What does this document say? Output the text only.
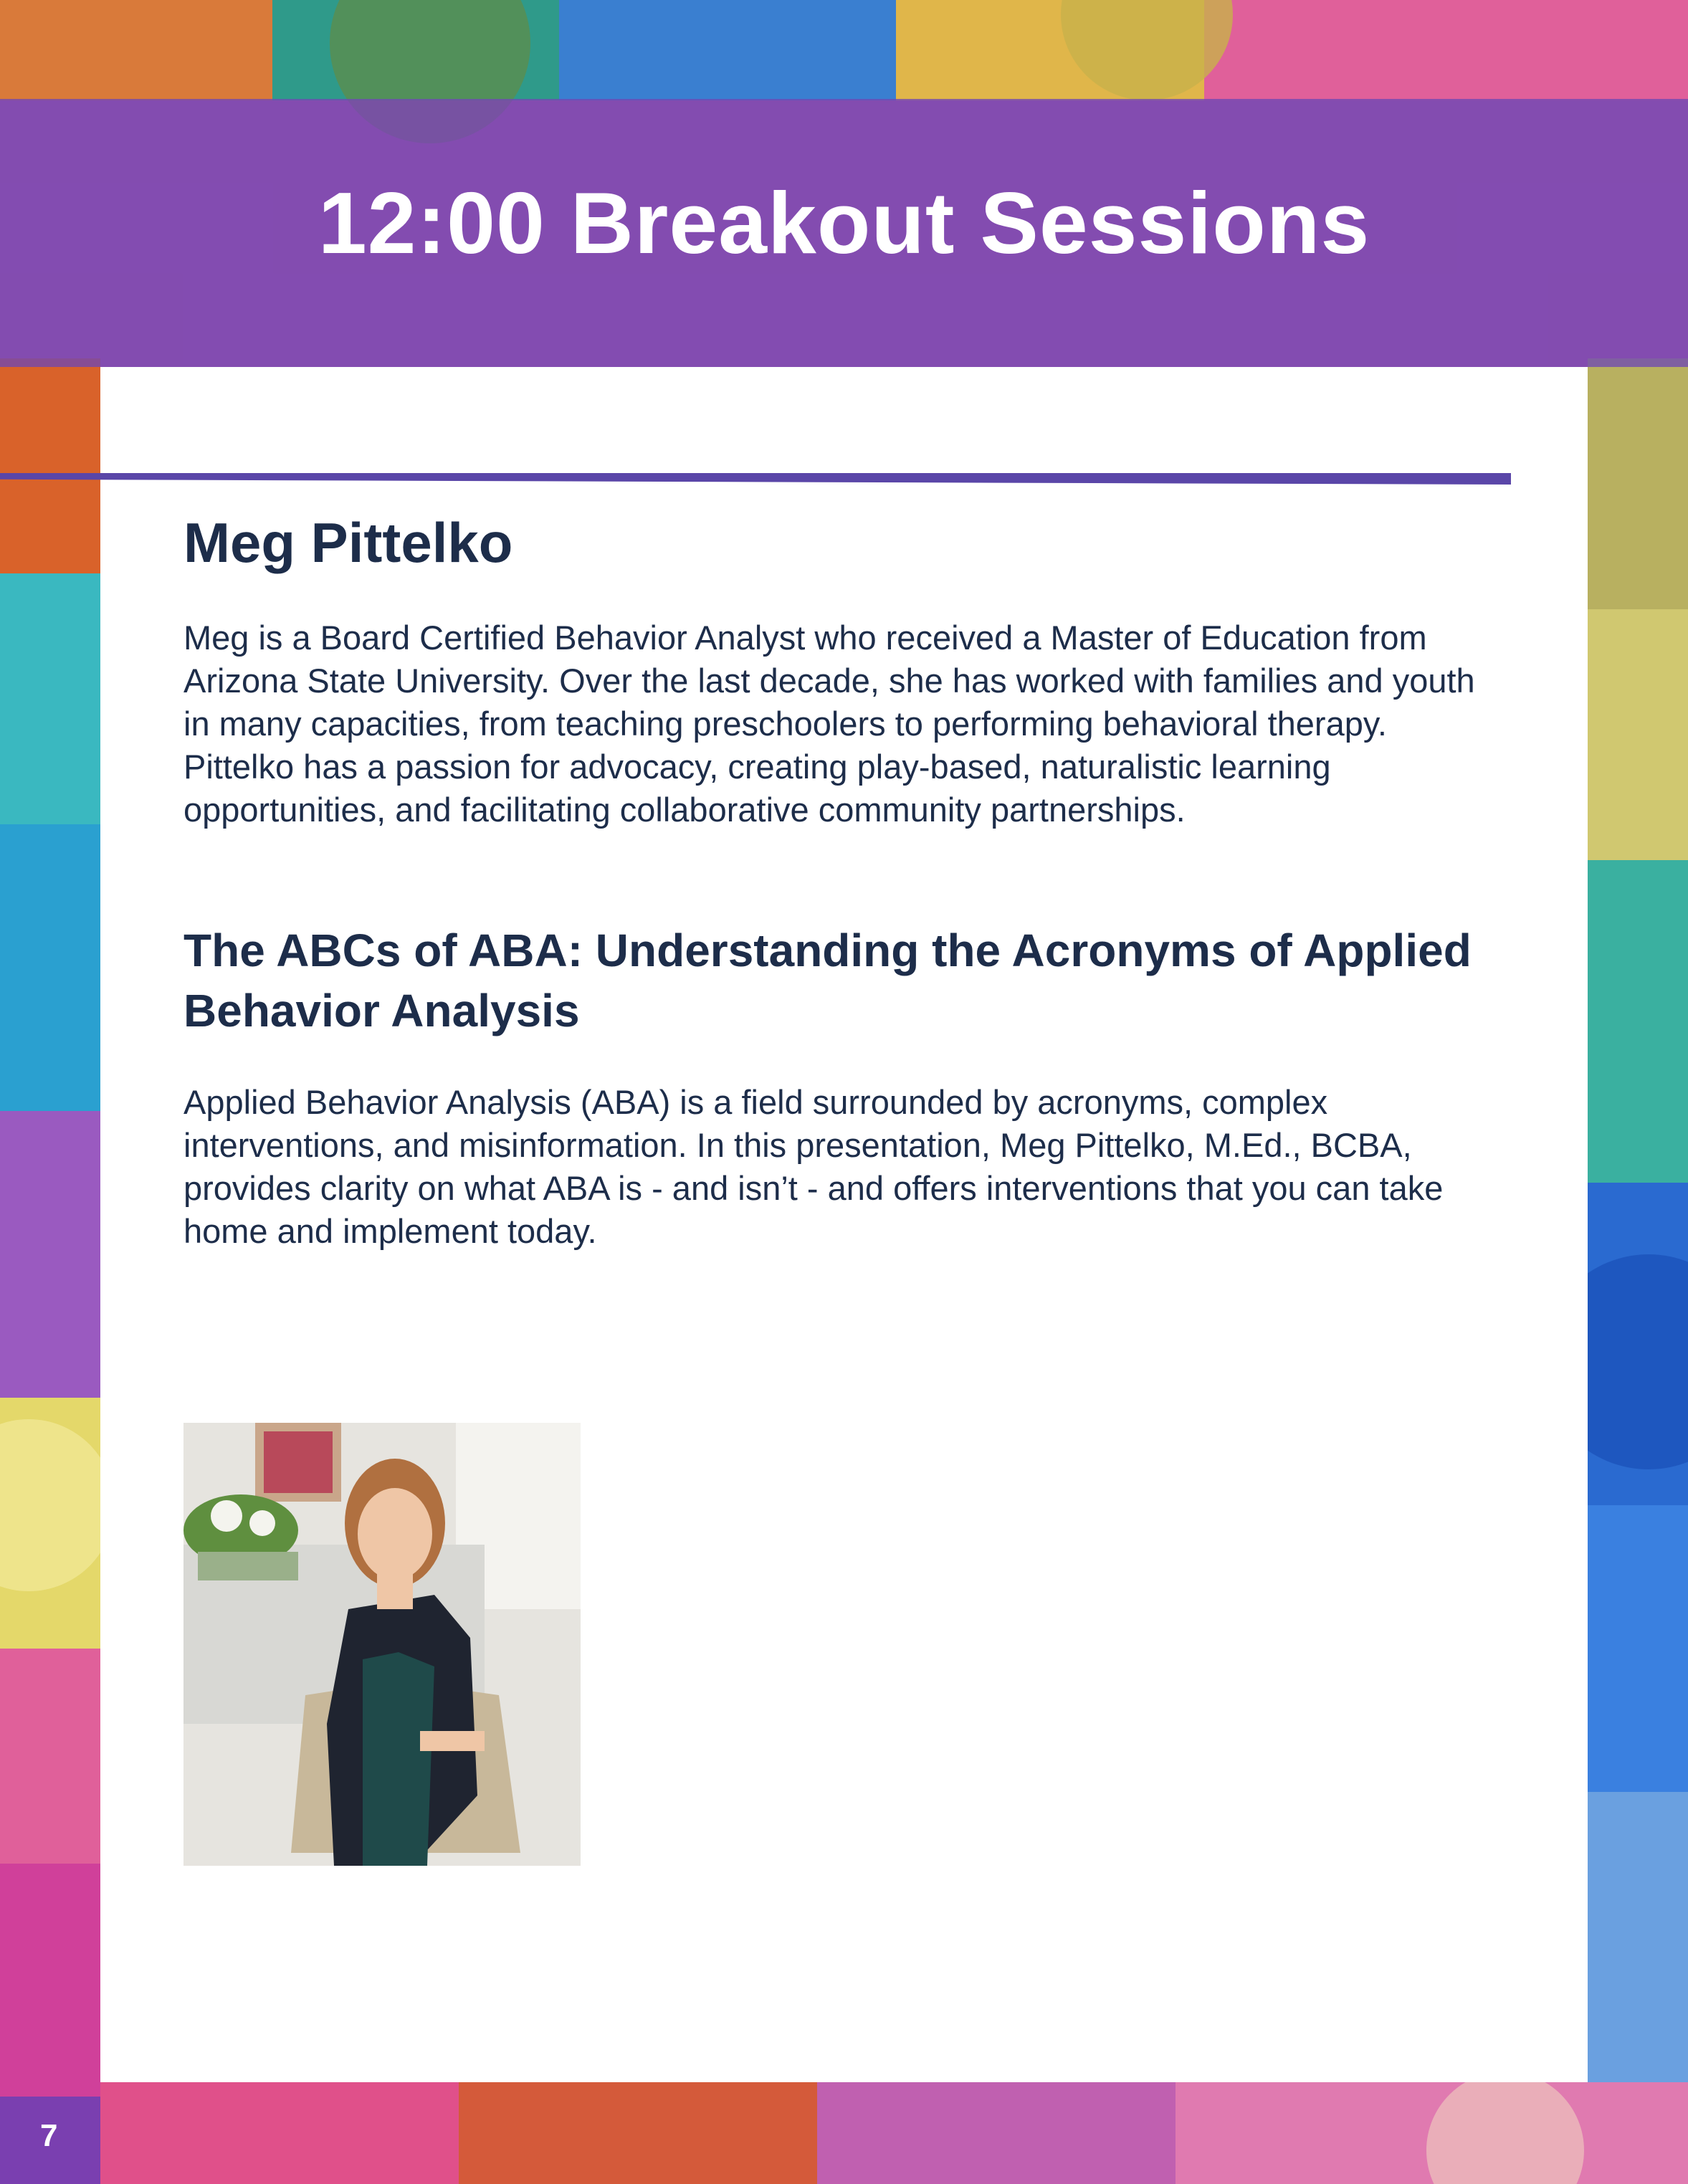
12:00 Breakout Sessions
Meg Pittelko

Meg is a Board Certified Behavior Analyst who received a Master of Education from Arizona State University. Over the last decade, she has worked with families and youth in many capacities, from teaching preschoolers to performing behavioral therapy. Pittelko has a passion for advocacy, creating play-based, naturalistic learning opportunities, and facilitating collaborative community partnerships.

The ABCs of ABA: Understanding the Acronyms of Applied Behavior Analysis

Applied Behavior Analysis (ABA) is a field surrounded by acronyms, complex interventions, and misinformation. In this presentation, Meg Pittelko, M.Ed., BCBA, provides clarity on what ABA is - and isn’t - and offers interventions that you can take home and implement today.

7
